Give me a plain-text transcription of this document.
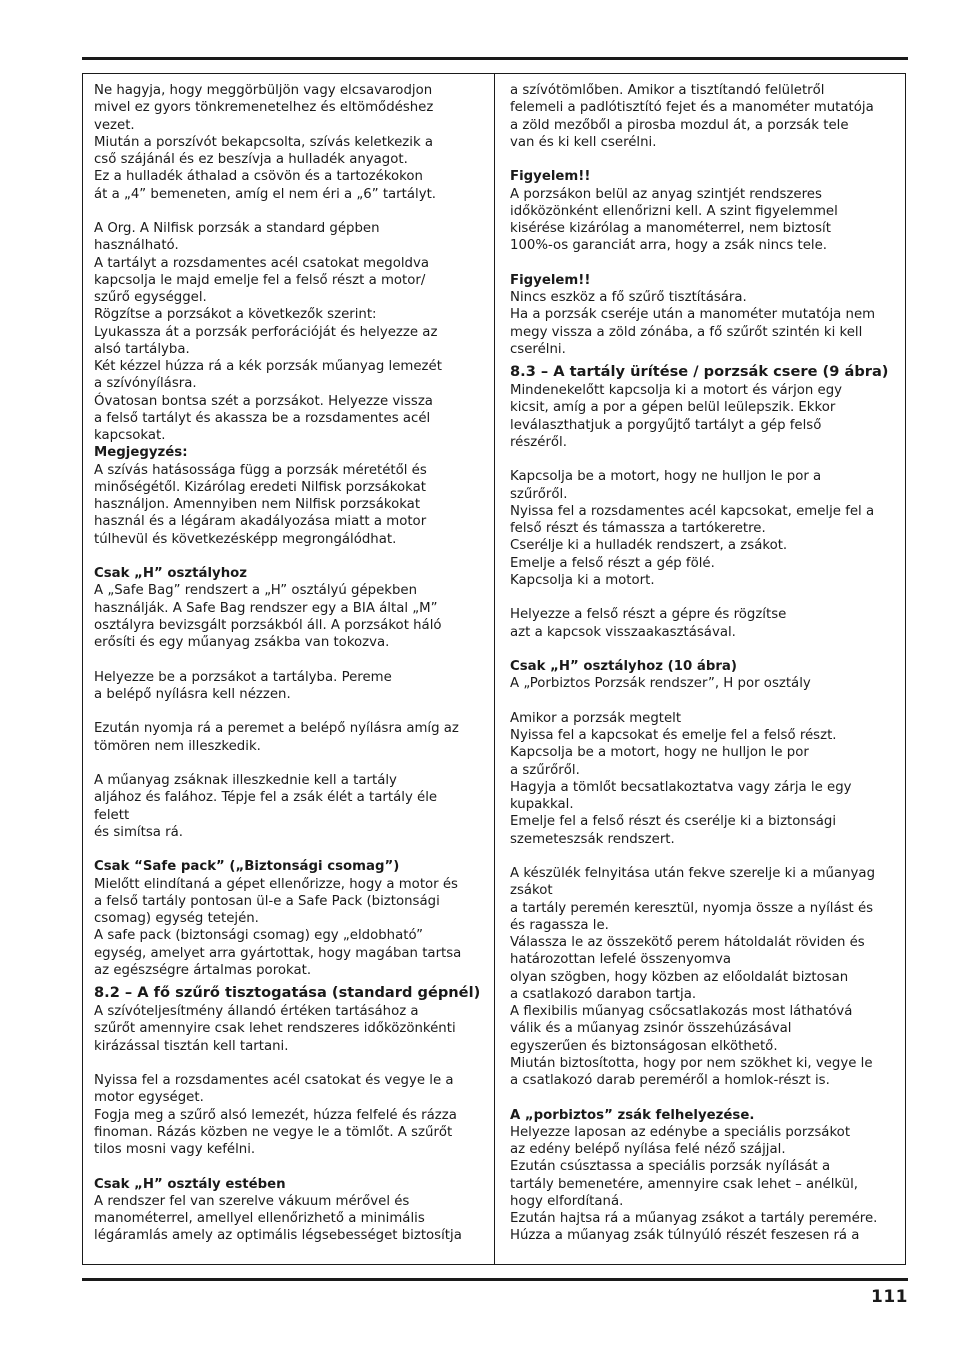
Ne hagyja, hogy meggörbüljön vagy elcsavarodjon
mivel ez gyors tönkremenetelhez és eltömődéshez
vezet.
Miután a porszívót bekapcsolta, szívás keletkezik a
cső szájánál és ez beszívja a hulladék anyagot.
Ez a hulladék áthalad a csövön és a tartozékokon
át a „4” bemeneten, amíg el nem éri a „6” tartályt.
A Org. A Nilfisk porzsák a standard gépben
használható.
A tartályt a rozsdamentes acél csatokat megoldva
kapcsolja le majd emelje fel a felső részt a motor/
szűrő egységgel.
Rögzítse a porzsákot a következők szerint:
Lyukassza át a porzsák perforációját és helyezze az
alsó tartályba.
Két kézzel húzza rá a kék porzsák műanyag lemezét
a szívónyílásra.
Óvatosan bontsa szét a porzsákot. Helyezze vissza
a felső tartályt és akassza be a rozsdamentes acél
kapcsokat.
Megjegyzés:
A szívás hatásossága függ a porzsák méretétől és
minőségétől. Kizárólag eredeti Nilfisk porzsákokat
használjon. Amennyiben nem Nilfisk porzsákokat
használ és a légáram akadályozása miatt a motor
túlhevül és következésképp megrongálódhat.
Csak „H” osztályhoz
A „Safe Bag” rendszert a „H” osztályú gépekben
használják. A Safe Bag rendszer egy a BIA által „M”
osztályra bevizsgált porzsákból áll. A porzsákot háló
erősíti és egy műanyag zsákba van tokozva.
Helyezze be a porzsákot a tartályba. Pereme
a belépő nyílásra kell nézzen.
Ezután nyomja rá a peremet a belépő nyílásra amíg az
tömören nem illeszkedik.
A műanyag zsáknak illeszkednie kell a tartály
aljához és falához. Tépje fel a zsák élét a tartály éle
felett
és simítsa rá.
Csak “Safe pack” („Biztonsági csomag”)
Mielőtt elindítaná a gépet ellenőrizze, hogy a motor és
a felső tartály pontosan ül-e a Safe Pack (biztonsági
csomag) egység tetején.
A safe pack (biztonsági csomag) egy „eldobható”
egység, amelyet arra gyártottak, hogy magában tartsa
az egészségre ártalmas porokat.
8.2 – A fő szűrő tisztogatása (standard gépnél)
A szívóteljesítmény állandó értéken tartásához a
szűrőt amennyire csak lehet rendszeres időközönkénti
kirázással tisztán kell tartani.
Nyissa fel a rozsdamentes acél csatokat és vegye le a
motor egységet.
Fogja meg a szűrő alsó lemezét, húzza felfelé és rázza
finoman. Rázás közben ne vegye le a tömlőt. A szűrőt
tilos mosni vagy kefélni.
Csak „H” osztály estében
A rendszer fel van szerelve vákuum mérővel és
manométerrel, amellyel ellenőrizhető a minimális
légáramlás amely az optimális légsebességet biztosítja
a szívótömlőben. Amikor a tisztítandó felületről
felemeli a padlótisztító fejet és a manométer mutatója
a zöld mezőből a pirosba mozdul át, a porzsák tele
van és ki kell cserélni.
Figyelem!!
A porzsákon belül az anyag szintjét rendszeres
időközönként ellenőrizni kell. A szint figyelemmel
kisérése kizárólag a manométerrel, nem biztosít
100%-os garanciát arra, hogy a zsák nincs tele.
Figyelem!!
Nincs eszköz a fő szűrő tisztítására.
Ha a porzsák cseréje után a manométer mutatója nem
megy vissza a zöld zónába, a fő szűrőt szintén ki kell
cserélni.
8.3 – A tartály ürítése / porzsák csere (9 ábra)
Mindenekelőtt kapcsolja ki a motort és várjon egy
kicsit, amíg a por a gépen belül leülepszik. Ekkor
leválaszthatjuk a porgyűjtő tartályt a gép felső
részéről.
Kapcsolja be a motort, hogy ne hulljon le por a
szűrőről.
Nyissa fel a rozsdamentes acél kapcsokat, emelje fel a
felső részt és támassza a tartókeretre.
Cserélje ki a hulladék rendszert, a zsákot.
Emelje a felső részt a gép fölé.
Kapcsolja ki a motort.
Helyezze a felső részt a gépre és rögzítse
azt a kapcsok visszaakasztásával.
Csak „H” osztályhoz (10 ábra)
A „Porbiztos Porzsák rendszer”, H por osztály
Amikor a porzsák megtelt
Nyissa fel a kapcsokat és emelje fel a felső részt.
Kapcsolja be a motort, hogy ne hulljon le por
a szűrőről.
Hagyja a tömlőt becsatlakoztatva vagy zárja le egy
kupakkal.
Emelje fel a felső részt és cserélje ki a biztonsági
szemeteszsák rendszert.
A készülék felnyitása után fekve szerelje ki a műanyag
zsákot
a tartály peremén keresztül, nyomja össze a nyílást és
és ragassza le.
Válassza le az összekötő perem hátoldalát röviden és
határozottan lefelé összenyomva
olyan szögben, hogy közben az előoldalát biztosan
a csatlakozó darabon tartja.
A flexibilis műanyag csőcsatlakozás most láthatóvá
válik és a műanyag zsinór összehúzásával
egyszerűen és biztonságosan elköthető.
Miután biztosította, hogy por nem szökhet ki, vegye le
a csatlakozó darab pereméről a homlok-részt is.
A „porbiztos” zsák felhelyezése.
Helyezze laposan az edénybe a speciális porzsákot
az edény belépő nyílása felé néző szájjal.
Ezután csúsztassa a speciális porzsák nyílását a
tartály bemenetére, amennyire csak lehet – anélkül,
hogy elfordítaná.
Ezután hajtsa rá a műanyag zsákot a tartály peremére.
Húzza a műanyag zsák túlnyúló részét feszesen rá a
111
